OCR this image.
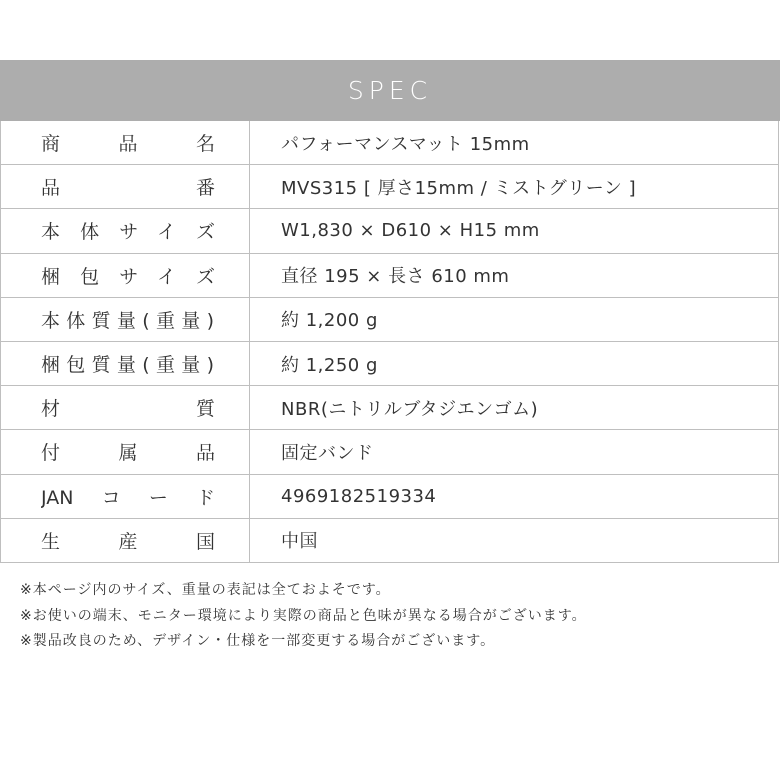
SPEC
商品名	パフォーマンスマット 15mm
品番	MVS315 [ 厚さ15mm / ミストグリーン ]
本体サイズ	W1,830 × D610 × H15 mm
梱包サイズ	直径 195 × 長さ 610 mm
本体質量(重量)	約 1,200 g
梱包質量(重量)	約 1,250 g
材質	NBR(ニトリルブタジエンゴム)
付属品	固定バンド
JANコード	4969182519334
生産国	中国
※本ページ内のサイズ、重量の表記は全ておよそです。
※お使いの端末、モニター環境により実際の商品と色味が異なる場合がございます。
※製品改良のため、デザイン・仕様を一部変更する場合がございます。
